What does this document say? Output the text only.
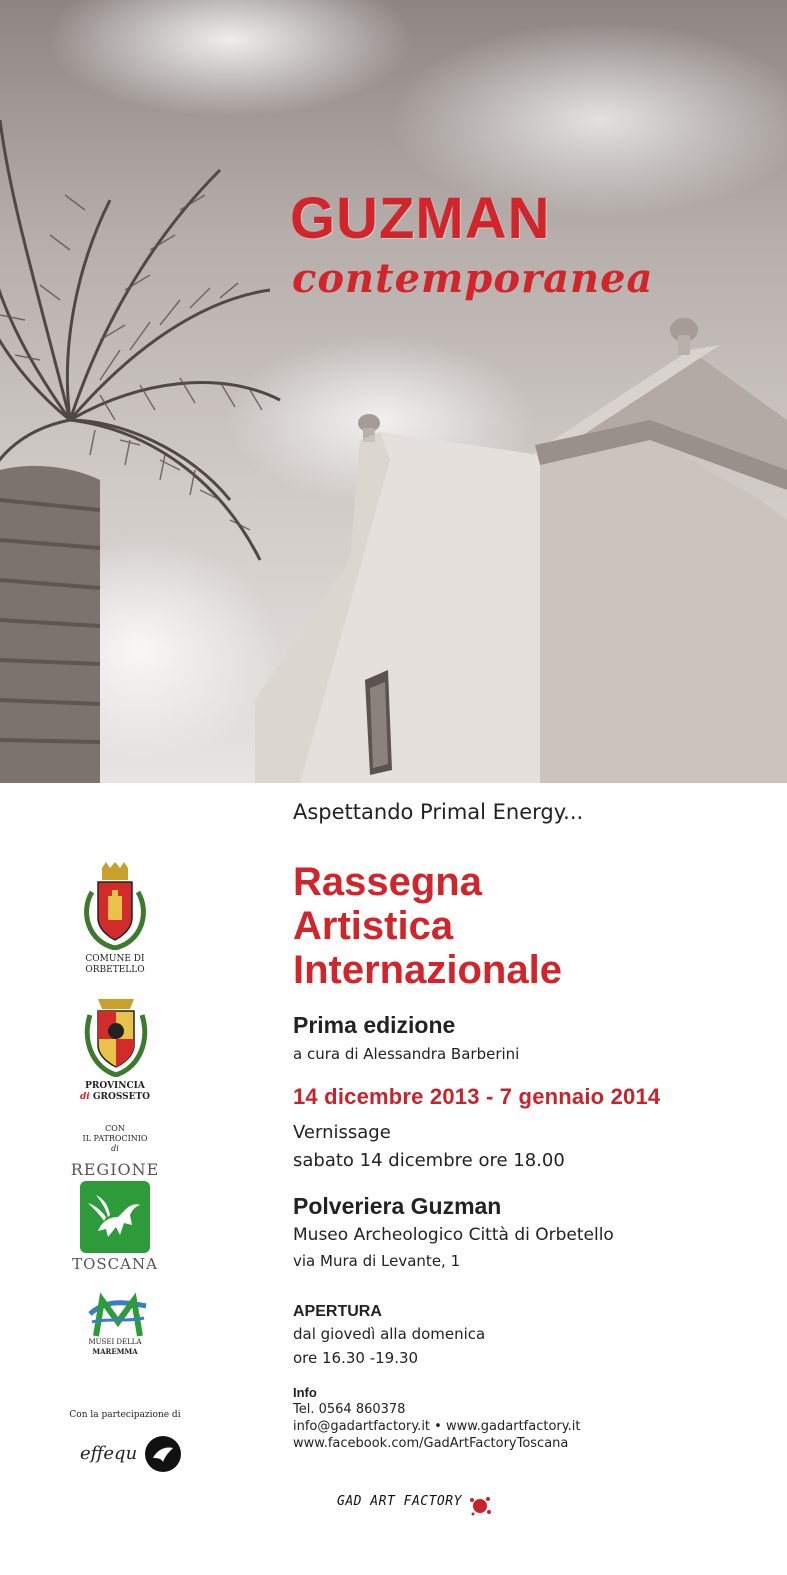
GUZMAN
contemporanea
Aspettando Primal Energy...
Rassegna
Artistica
Internazionale
Prima edizione
a cura di Alessandra Barberini
14 dicembre 2013 - 7 gennaio 2014
Vernissage
sabato 14 dicembre ore 18.00
Polveriera Guzman
Museo Archeologico Città di Orbetello
via Mura di Levante, 1
APERTURA
dal giovedì alla domenica
ore 16.30 -19.30
Info
Tel. 0564 860378
info@gadartfactory.it • www.gadartfactory.it
www.facebook.com/GadArtFactoryToscana
COMUNE DI
ORBETELLO
PROVINCIA
di GROSSETO
CON
IL PATROCINIO
di
REGIONE
TOSCANA
MUSEI DELLA
MAREMMA
Con la partecipazione di
effequ
GAD ART FACTORY
